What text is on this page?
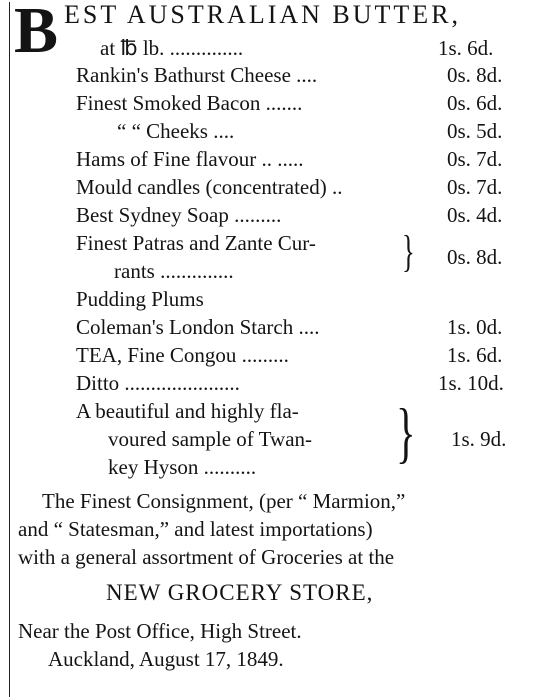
B EST AUSTRALIAN BUTTER,
at ℔ lb. ..............	1s. 6d.
Rankin's Bathurst Cheese ....	0s. 8d.
Finest Smoked Bacon .......	0s. 6d.
“ “ Cheeks ....	0s. 5d.
Hams of Fine flavour .. .....	0s. 7d.
Mould candles (concentrated) ..	0s. 7d.
Best Sydney Soap .........	0s. 4d.
Finest Patras and Zante Cur-
rants ..............	} 0s. 8d.
Pudding Plums
Coleman's London Starch ....	1s. 0d.
TEA, Fine Congou .........	1s. 6d.
Ditto ......................	1s. 10d.
A beautiful and highly fla-
voured sample of Twan-
key Hyson .......... } 1s. 9d.
The Finest Consignment, (per “ Marmion,”
and “ Statesman,” and latest importations)
with a general assortment of Groceries at the
NEW GROCERY STORE,
Near the Post Office, High Street.
Auckland, August 17, 1849.
